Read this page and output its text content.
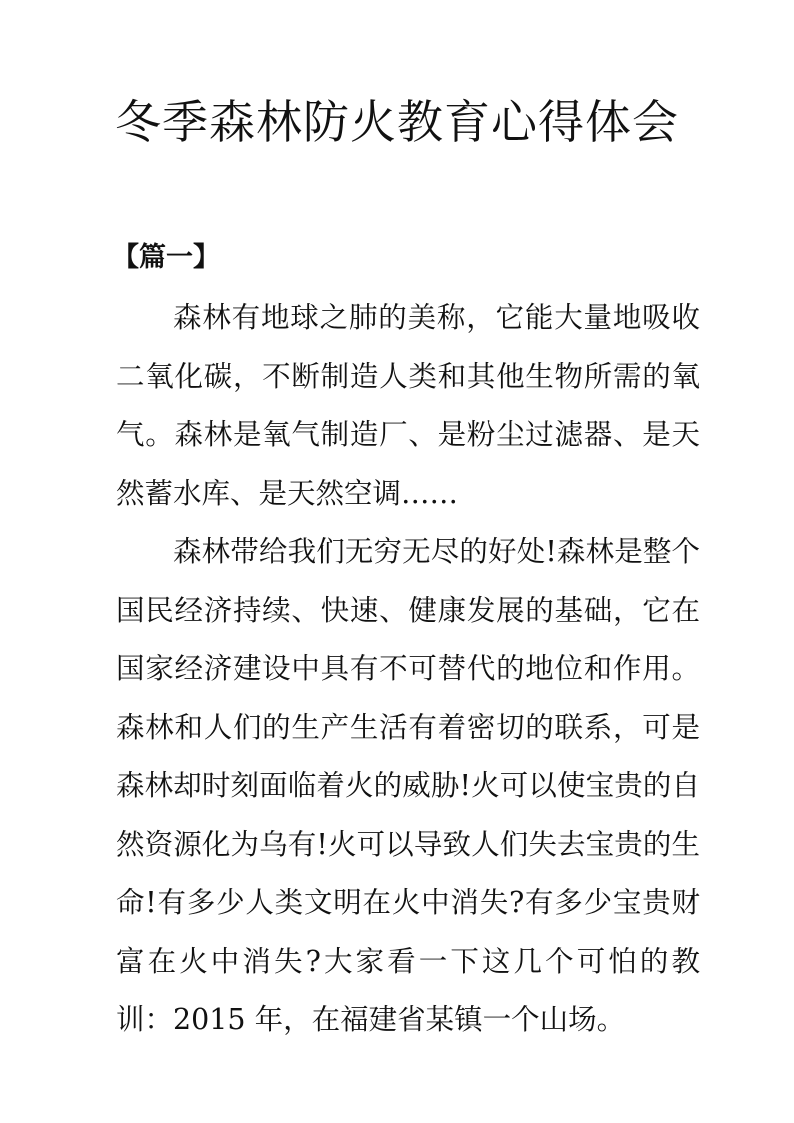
冬季森林防火教育心得体会
【篇一】

森林有地球之肺的美称，它能大量地吸收二氧化碳，不断制造人类和其他生物所需的氧气。森林是氧气制造厂、是粉尘过滤器、是天然蓄水库、是天然空调……

森林带给我们无穷无尽的好处!森林是整个国民经济持续、快速、健康发展的基础，它在国家经济建设中具有不可替代的地位和作用。森林和人们的生产生活有着密切的联系，可是森林却时刻面临着火的威胁!火可以使宝贵的自然资源化为乌有!火可以导致人们失去宝贵的生命!有多少人类文明在火中消失?有多少宝贵财富在火中消失?大家看一下这几个可怕的教训：2015 年，在福建省某镇一个山场。
